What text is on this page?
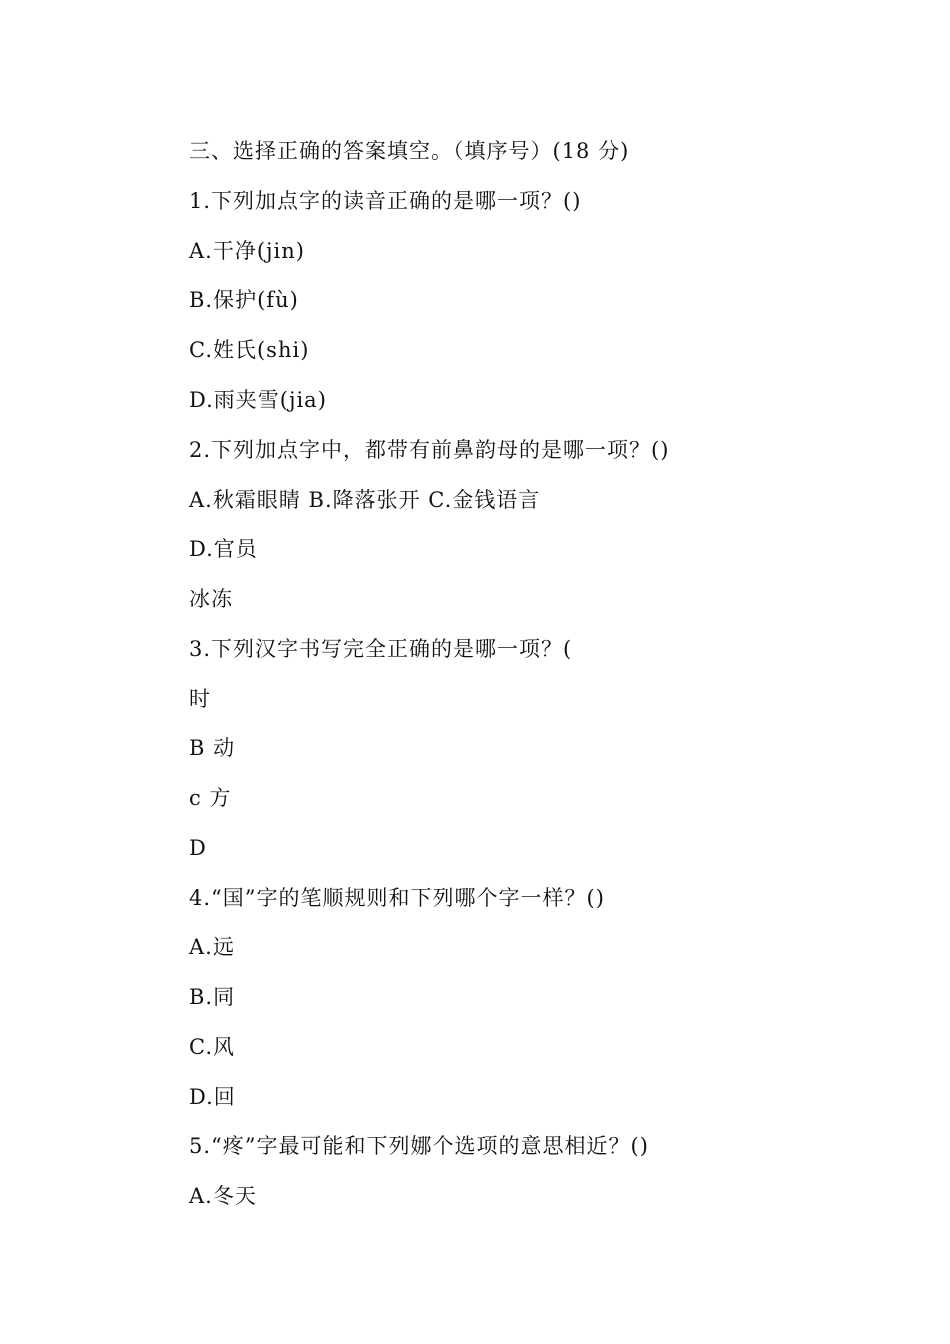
三、选择正确的答案填空。（填序号）(18 分)

1.下列加点字的读音正确的是哪一项？()

A.干净(jin)

B.保护(fù)

C.姓氏(shi)

D.雨夹雪(jia)

2.下列加点字中，都带有前鼻韵母的是哪一项？()

A.秋霜眼睛 B.降落张开 C.金钱语言

D.官员

冰冻

3.下列汉字书写完全正确的是哪一项？(

时

B 动

c 方

D

4.“国”字的笔顺规则和下列哪个字一样？()

A.远

B.同

C.风

D.回

5.“疼”字最可能和下列娜个选项的意思相近？()

A.冬天
